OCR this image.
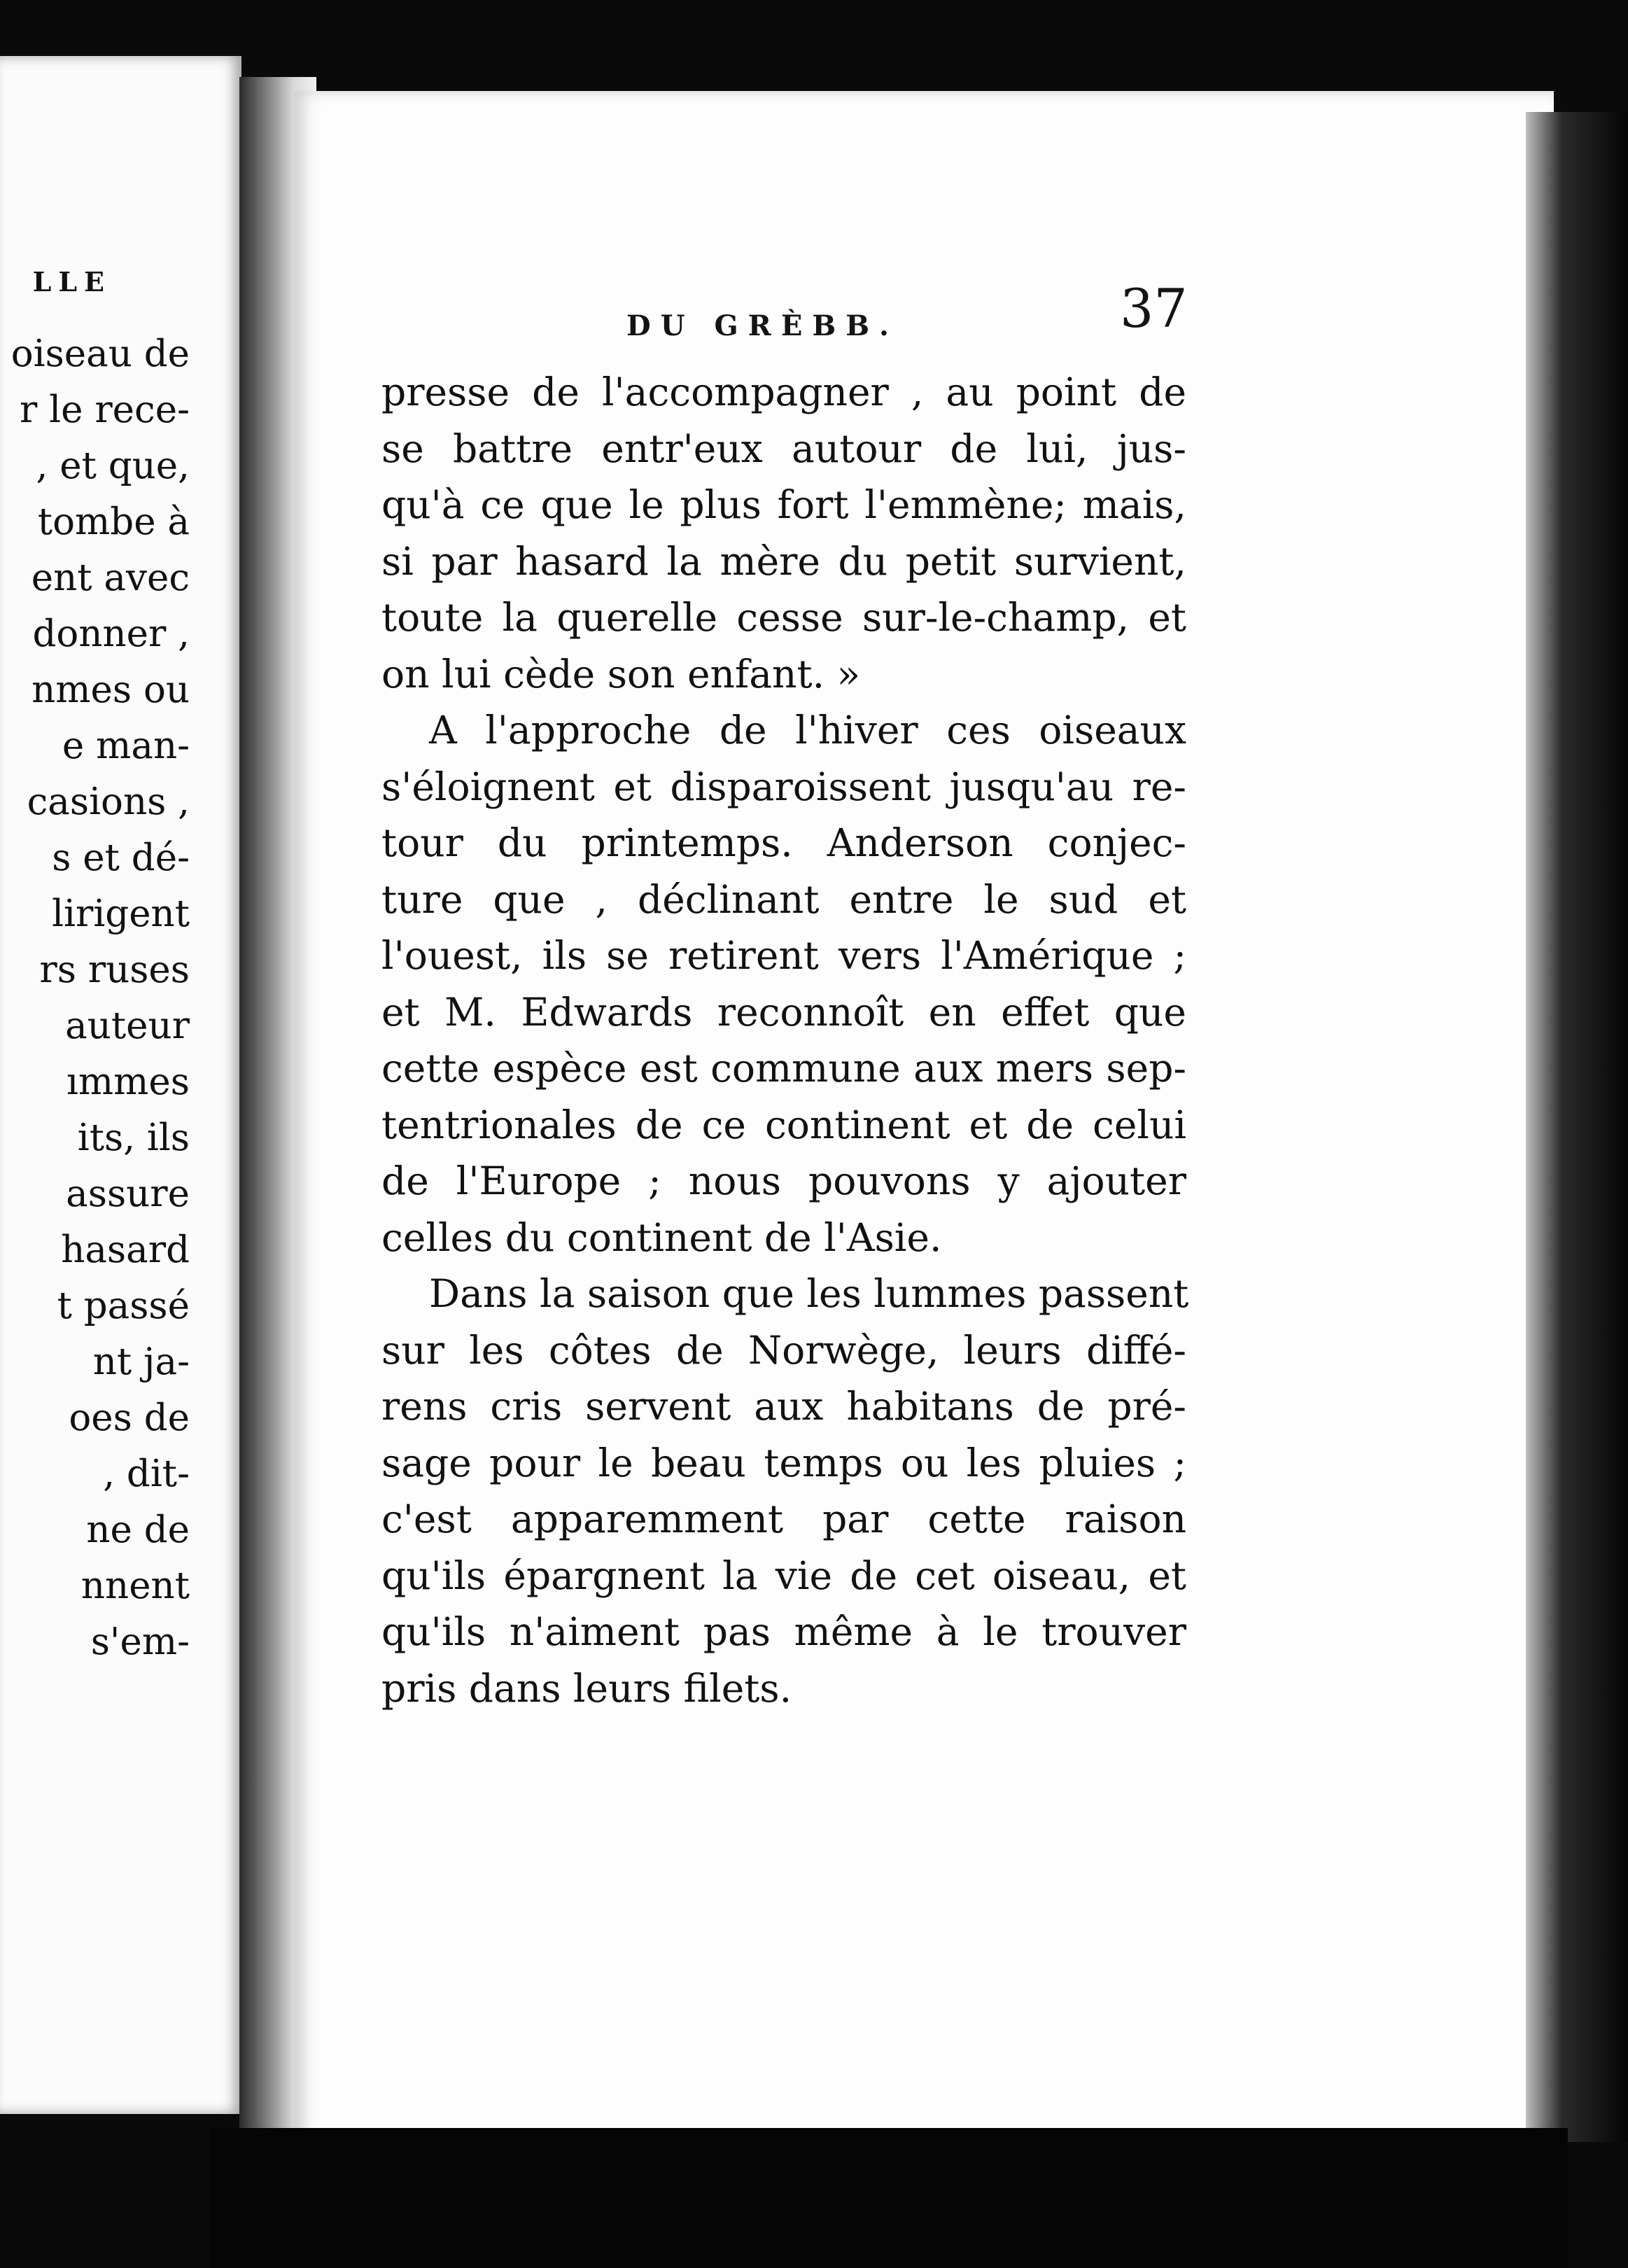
LLE
oiseau de
r le rece-
, et que,
tombe à
ent avec
donner ,
nmes ou
e man-
casions ,
s et dé-
lirigent
rs ruses
auteur
ımmes
its, ils
assure
hasard
t passé
nt ja-
oes de
, dit-
ne de
nnent
s'em-
DU GRÈBB.	37
presse de l'accompagner , au point de
se battre entr'eux autour de lui, jus-
qu'à ce que le plus fort l'emmène; mais,
si par hasard la mère du petit survient,
toute la querelle cesse sur-le-champ, et
on lui cède son enfant. »
A l'approche de l'hiver ces oiseaux
s'éloignent et disparoissent jusqu'au re-
tour du printemps. Anderson conjec-
ture que , déclinant entre le sud et
l'ouest, ils se retirent vers l'Amérique ;
et M. Edwards reconnoît en effet que
cette espèce est commune aux mers sep-
tentrionales de ce continent et de celui
de l'Europe ; nous pouvons y ajouter
celles du continent de l'Asie.
Dans la saison que les lummes passent
sur les côtes de Norwège, leurs diffé-
rens cris servent aux habitans de pré-
sage pour le beau temps ou les pluies ;
c'est apparemment par cette raison
qu'ils épargnent la vie de cet oiseau, et
qu'ils n'aiment pas même à le trouver
pris dans leurs filets.
